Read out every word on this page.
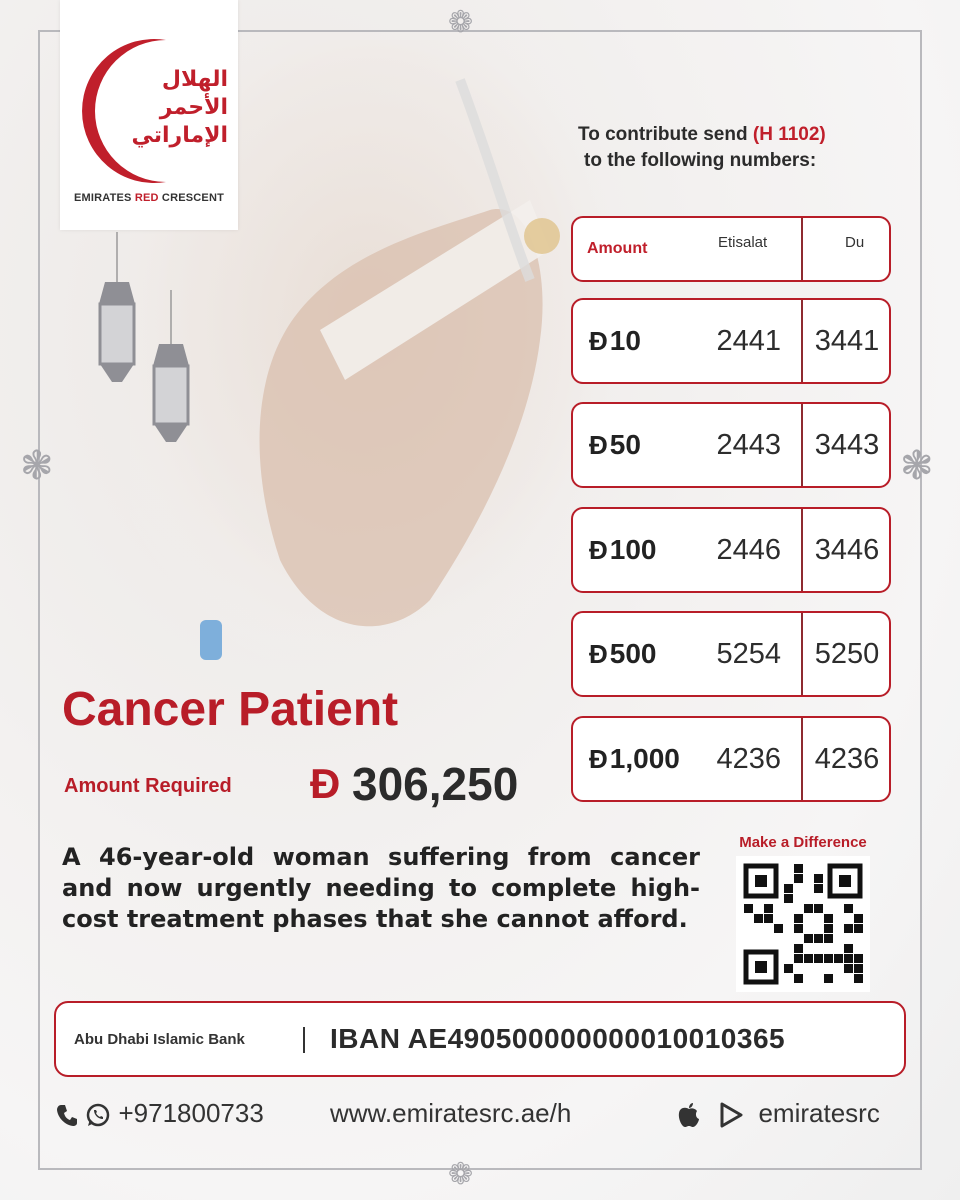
❁
❁
❃	❃
الهلال
الأحمر
الإماراتي
EMIRATES RED CRESCENT
To contribute send (H 1102)
to the following numbers:
Amount	Etisalat	Du
Đ 10	2441 3441
Đ 50	2443 3443
Đ 100 2446 3446
Đ 500 5254 5250
Đ 1,000 4236 4236
Cancer Patient
Amount Required Đ 306,250
A 46-year-old woman suffering from cancer and now urgently needing to complete high-cost treatment phases that she cannot afford.
Make a Difference
Abu Dhabi Islamic Bank	IBAN AE490500000000010010365
+971800733	www.emiratesrc.ae/h	emiratesrc
